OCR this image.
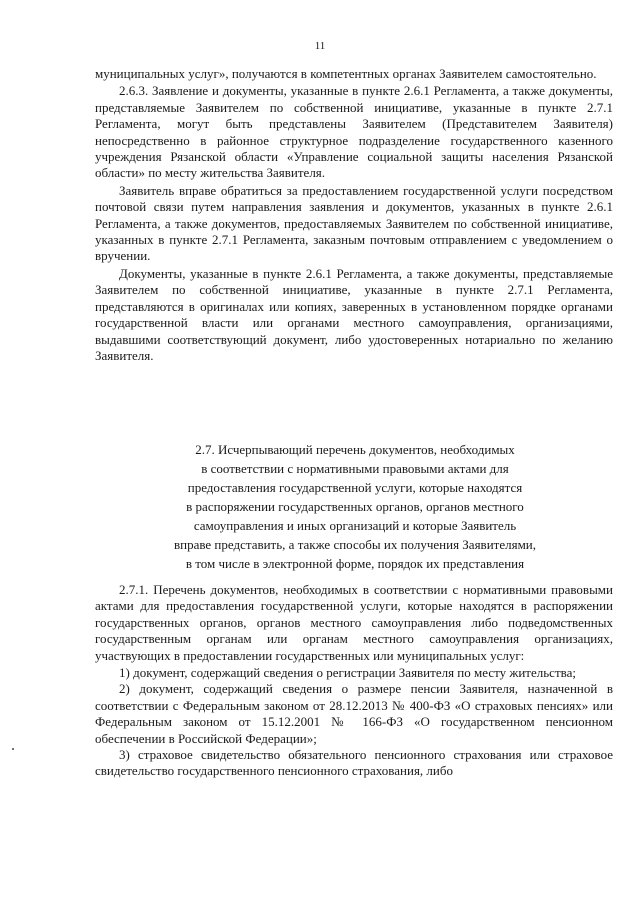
11

муниципальных услуг», получаются в компетентных органах Заявителем самостоятельно.

2.6.3. Заявление и документы, указанные в пункте 2.6.1 Регламента, а также документы, представляемые Заявителем по собственной инициативе, указанные в пункте 2.7.1 Регламента, могут быть представлены Заявителем (Представителем Заявителя) непосредственно в районное структурное подразделение государственного казенного учреждения Рязанской области «Управление социальной защиты населения Рязанской области» по месту жительства Заявителя.

Заявитель вправе обратиться за предоставлением государственной услуги посредством почтовой связи путем направления заявления и документов, указанных в пункте 2.6.1 Регламента, а также документов, предоставляемых Заявителем по собственной инициативе, указанных в пункте 2.7.1 Регламента, заказным почтовым отправлением с уведомлением о вручении.

Документы, указанные в пункте 2.6.1 Регламента, а также документы, представляемые Заявителем по собственной инициативе, указанные в пункте 2.7.1 Регламента, представляются в оригиналах или копиях, заверенных в установленном порядке органами государственной власти или органами местного самоуправления, организациями, выдавшими соответствующий документ, либо удостоверенных нотариально по желанию Заявителя.

2.7. Исчерпывающий перечень документов, необходимых
в соответствии с нормативными правовыми актами для
предоставления государственной услуги, которые находятся
в распоряжении государственных органов, органов местного
самоуправления и иных организаций и которые Заявитель
вправе представить, а также способы их получения Заявителями,
в том числе в электронной форме, порядок их представления

2.7.1. Перечень документов, необходимых в соответствии с нормативными правовыми актами для предоставления государственной услуги, которые находятся в распоряжении государственных органов, органов местного самоуправления либо подведомственных государственным органам или органам местного самоуправления организациях, участвующих в предоставлении государственных или муниципальных услуг:

1) документ, содержащий сведения о регистрации Заявителя по месту жительства;

2) документ, содержащий сведения о размере пенсии Заявителя, назначенной в соответствии с Федеральным законом от 28.12.2013 № 400-ФЗ «О страховых пенсиях» или Федеральным законом от 15.12.2001 № 166-ФЗ «О государственном пенсионном обеспечении в Российской Федерации»;

3) страховое свидетельство обязательного пенсионного страхования или страховое свидетельство государственного пенсионного страхования, либо
